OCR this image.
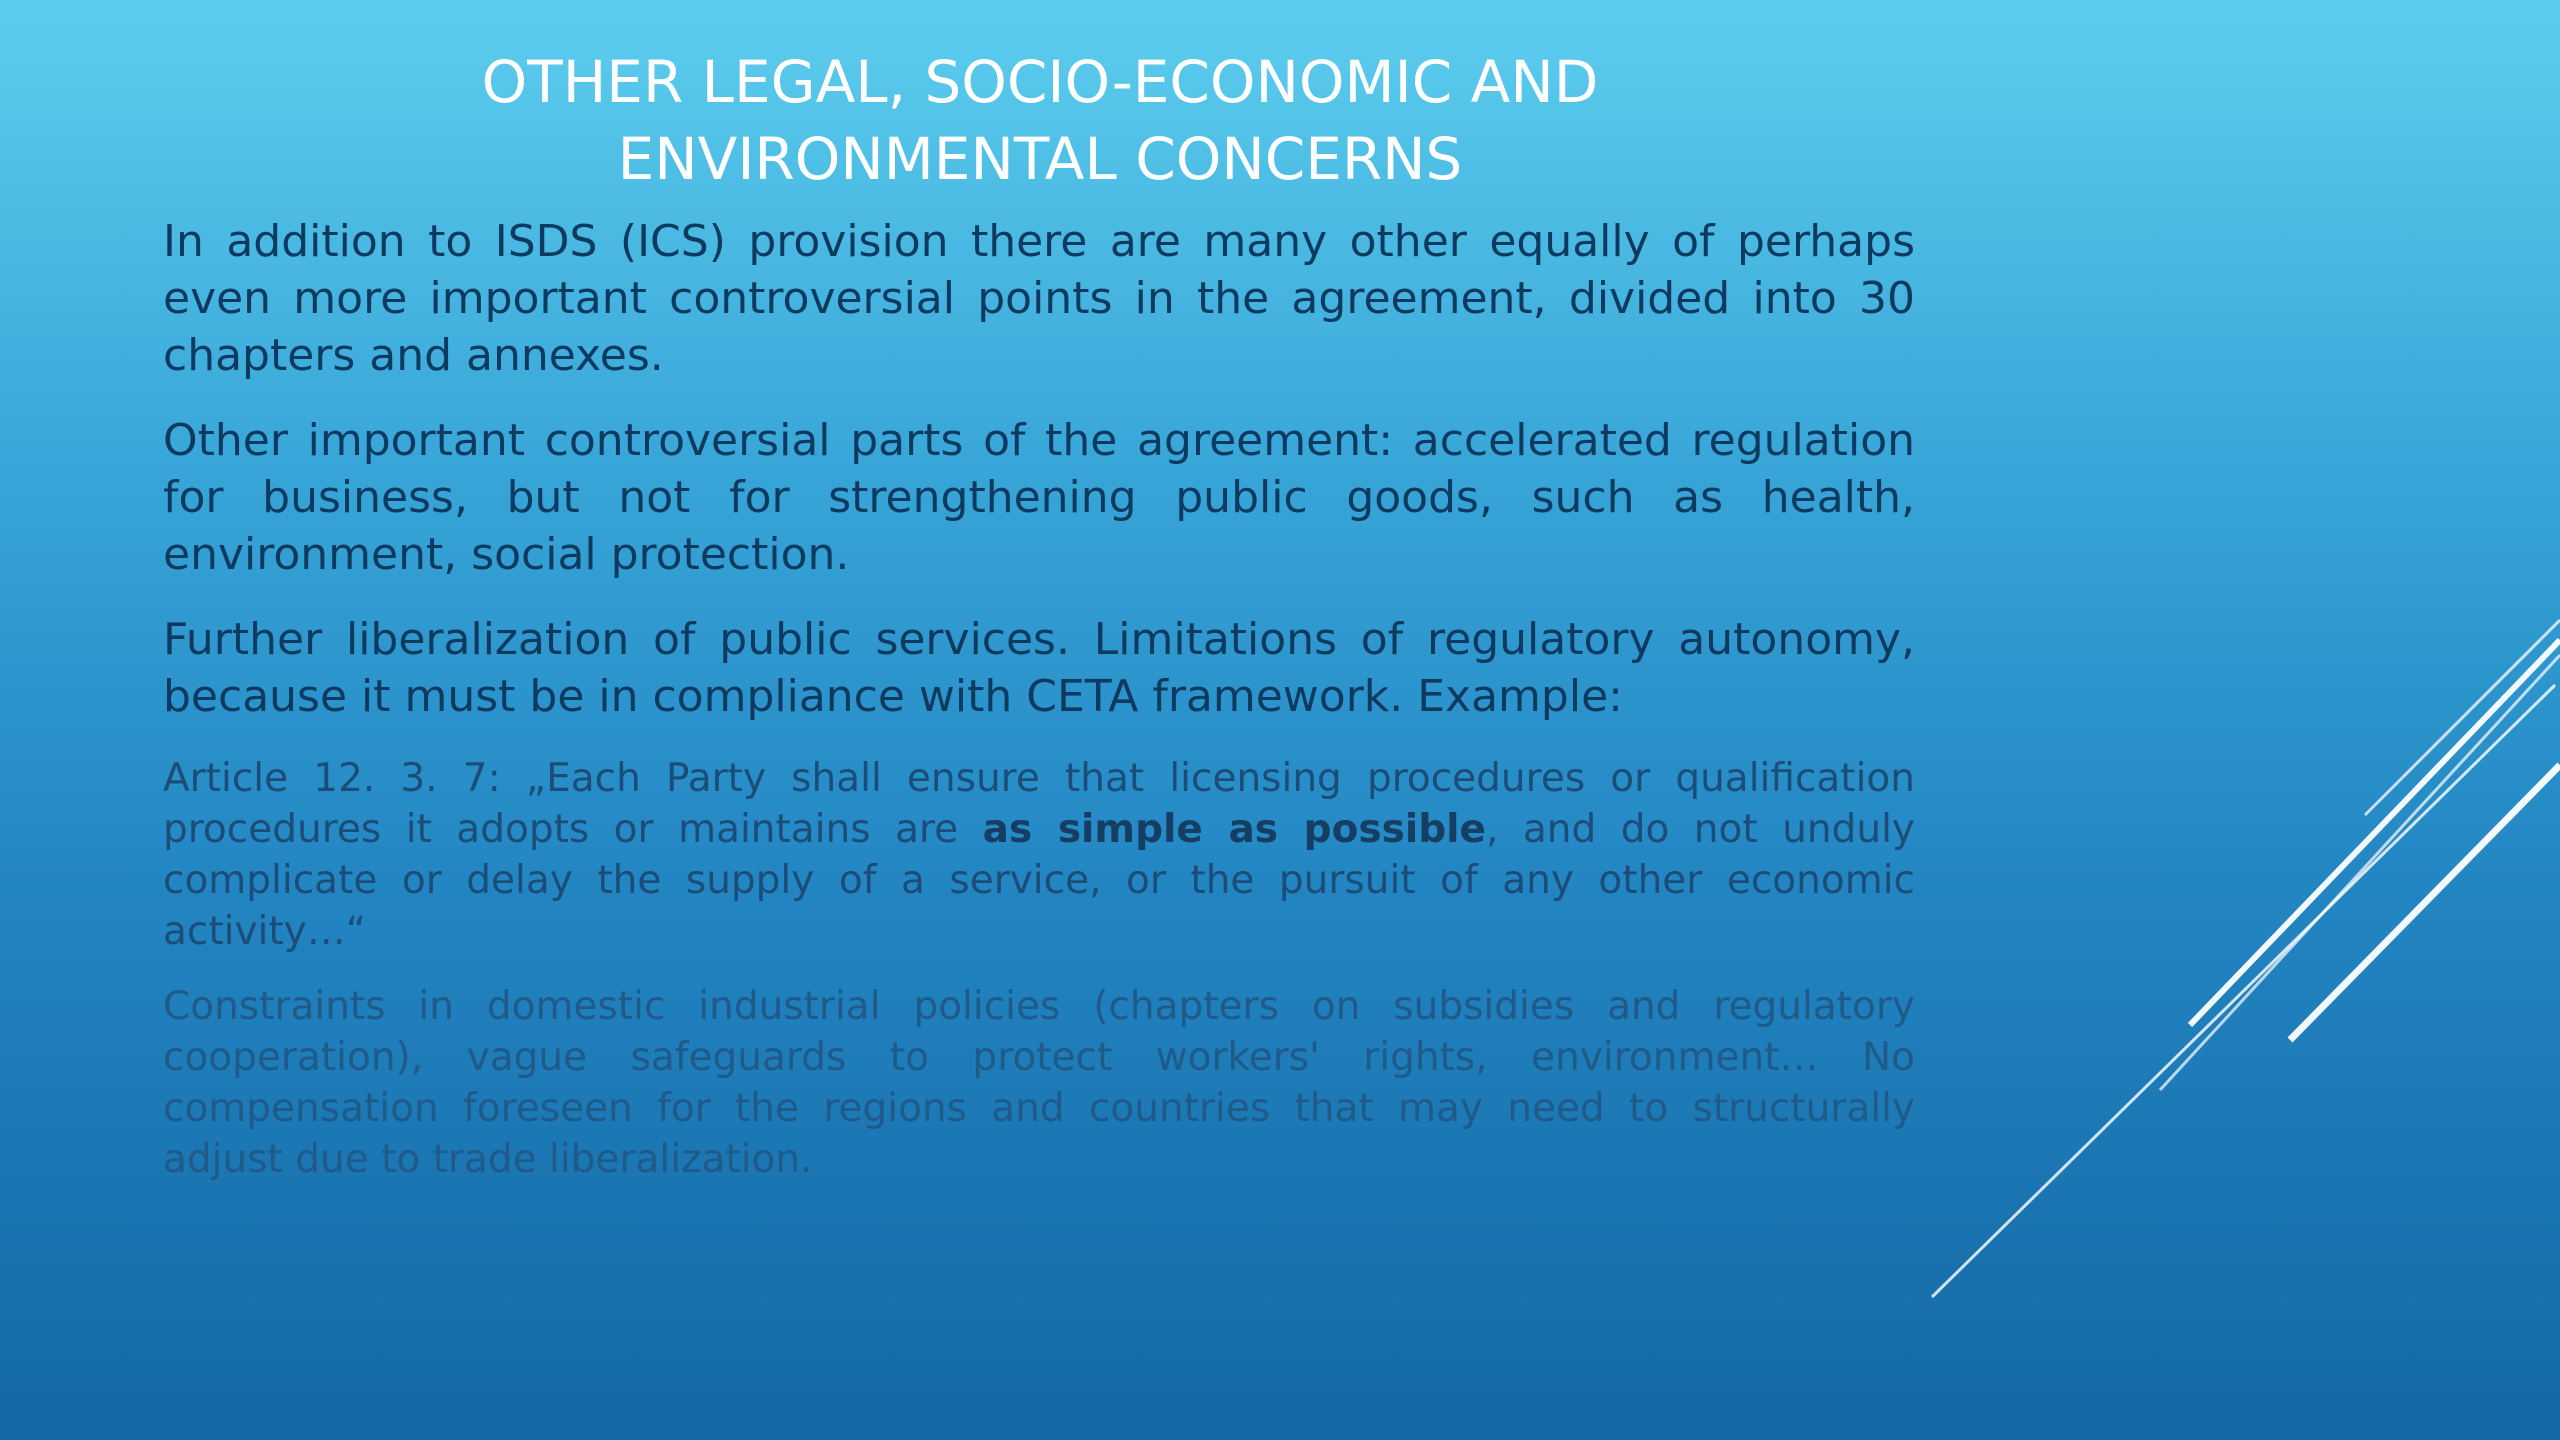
OTHER LEGAL, SOCIO-ECONOMIC AND
ENVIRONMENTAL CONCERNS

In addition to ISDS (ICS) provision there are many other equally of perhaps even more important controversial points in the agreement, divided into 30 chapters and annexes.

Other important controversial parts of the agreement: accelerated regulation for business, but not for strengthening public goods, such as health, environment, social protection.

Further liberalization of public services. Limitations of regulatory autonomy, because it must be in compliance with CETA framework. Example:

Article 12. 3. 7: „Each Party shall ensure that licensing procedures or qualification procedures it adopts or maintains are as simple as possible, and do not unduly complicate or delay the supply of a service, or the pursuit of any other economic activity…“

Constraints in domestic industrial policies (chapters on subsidies and regulatory cooperation), vague safeguards to protect workers' rights, environment… No compensation foreseen for the regions and countries that may need to structurally adjust due to trade liberalization.
